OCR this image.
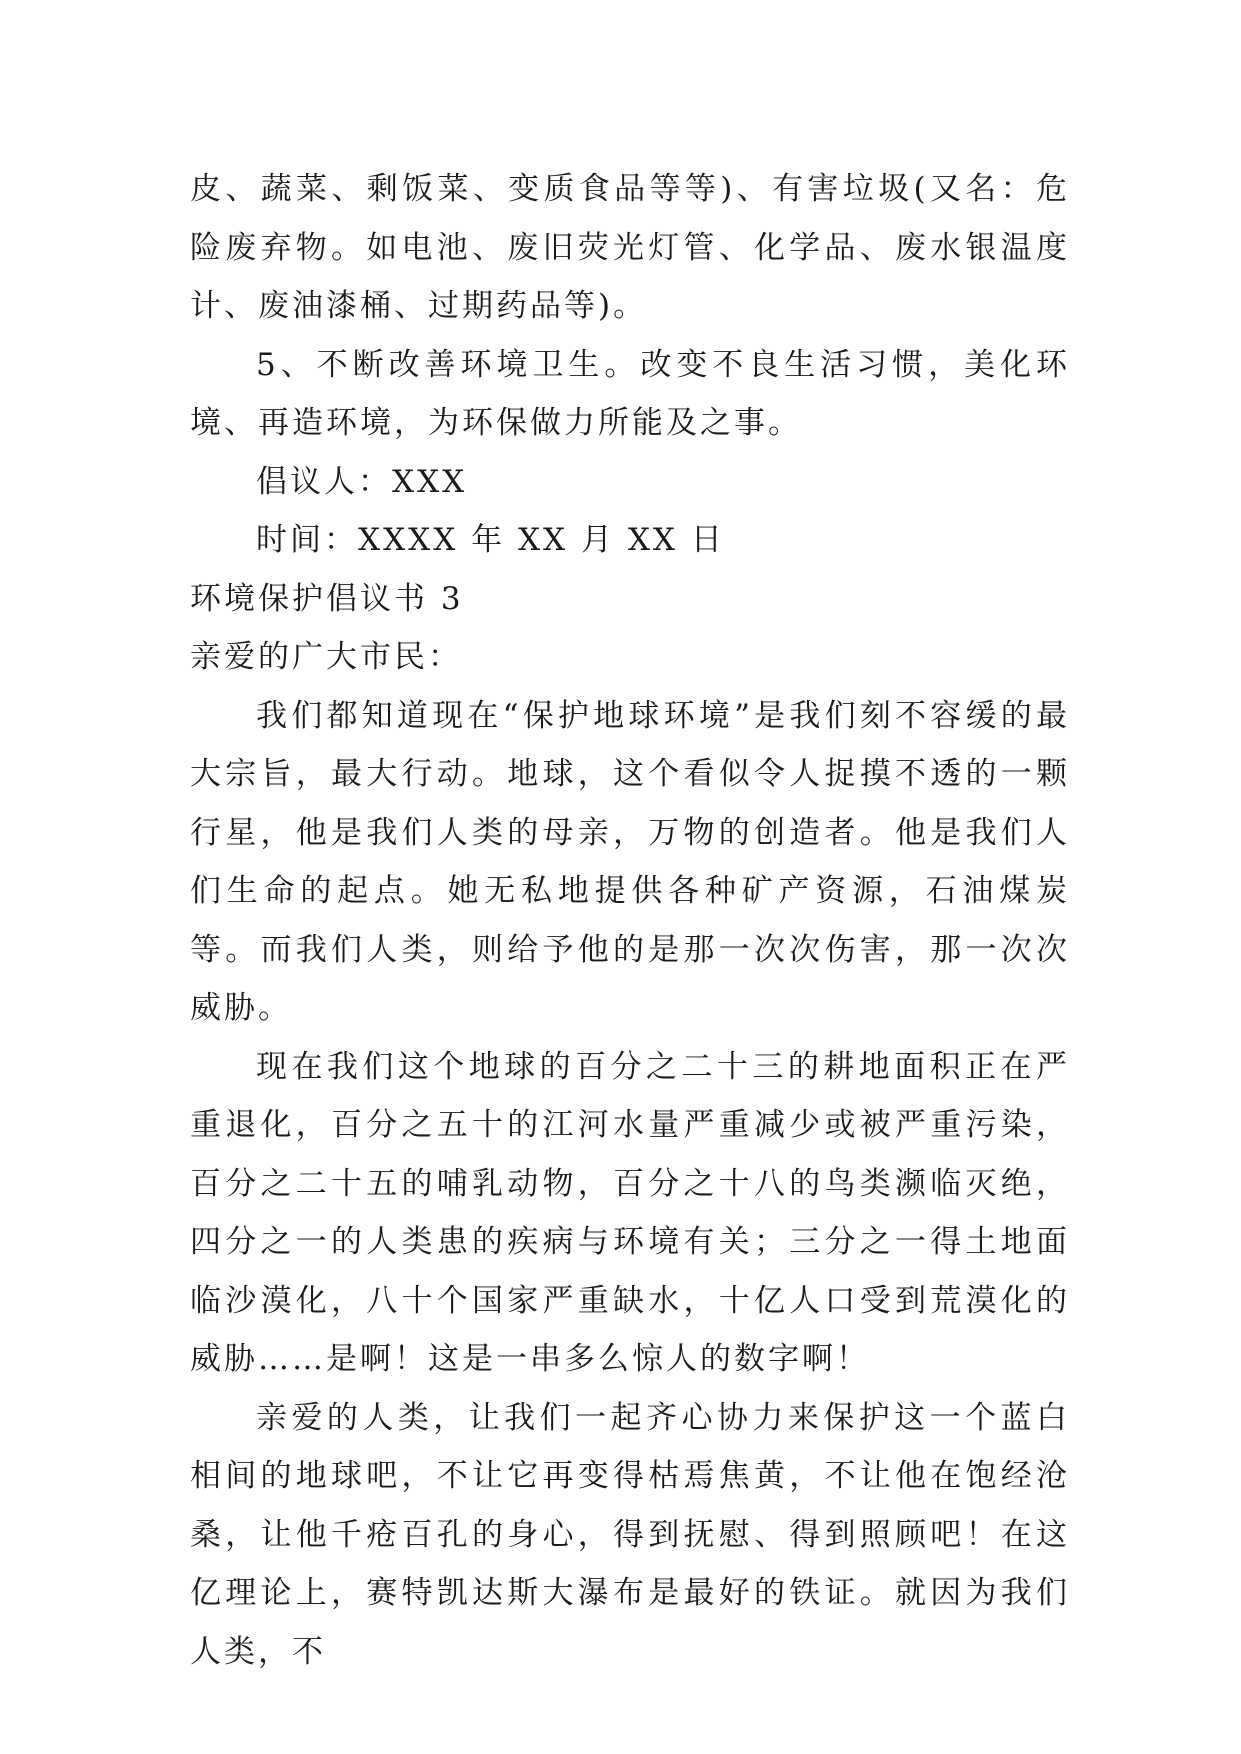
皮、蔬菜、剩饭菜、变质食品等等)、有害垃圾(又名：危险废弃物。如电池、废旧荧光灯管、化学品、废水银温度计、废油漆桶、过期药品等)。

5、不断改善环境卫生。改变不良生活习惯，美化环境、再造环境，为环保做力所能及之事。

倡议人：XXX

时间：XXXX 年 XX 月 XX 日

环境保护倡议书 3

亲爱的广大市民：

我们都知道现在“保护地球环境”是我们刻不容缓的最大宗旨，最大行动。地球，这个看似令人捉摸不透的一颗行星，他是我们人类的母亲，万物的创造者。他是我们人们生命的起点。她无私地提供各种矿产资源，石油煤炭等。而我们人类，则给予他的是那一次次伤害，那一次次威胁。

现在我们这个地球的百分之二十三的耕地面积正在严重退化，百分之五十的江河水量严重减少或被严重污染，百分之二十五的哺乳动物，百分之十八的鸟类濒临灭绝，四分之一的人类患的疾病与环境有关；三分之一得土地面临沙漠化，八十个国家严重缺水，十亿人口受到荒漠化的威胁……是啊！这是一串多么惊人的数字啊！

亲爱的人类，让我们一起齐心协力来保护这一个蓝白相间的地球吧，不让它再变得枯焉焦黄，不让他在饱经沧桑，让他千疮百孔的身心，得到抚慰、得到照顾吧！在这亿理论上，赛特凯达斯大瀑布是最好的铁证。就因为我们人类，不
